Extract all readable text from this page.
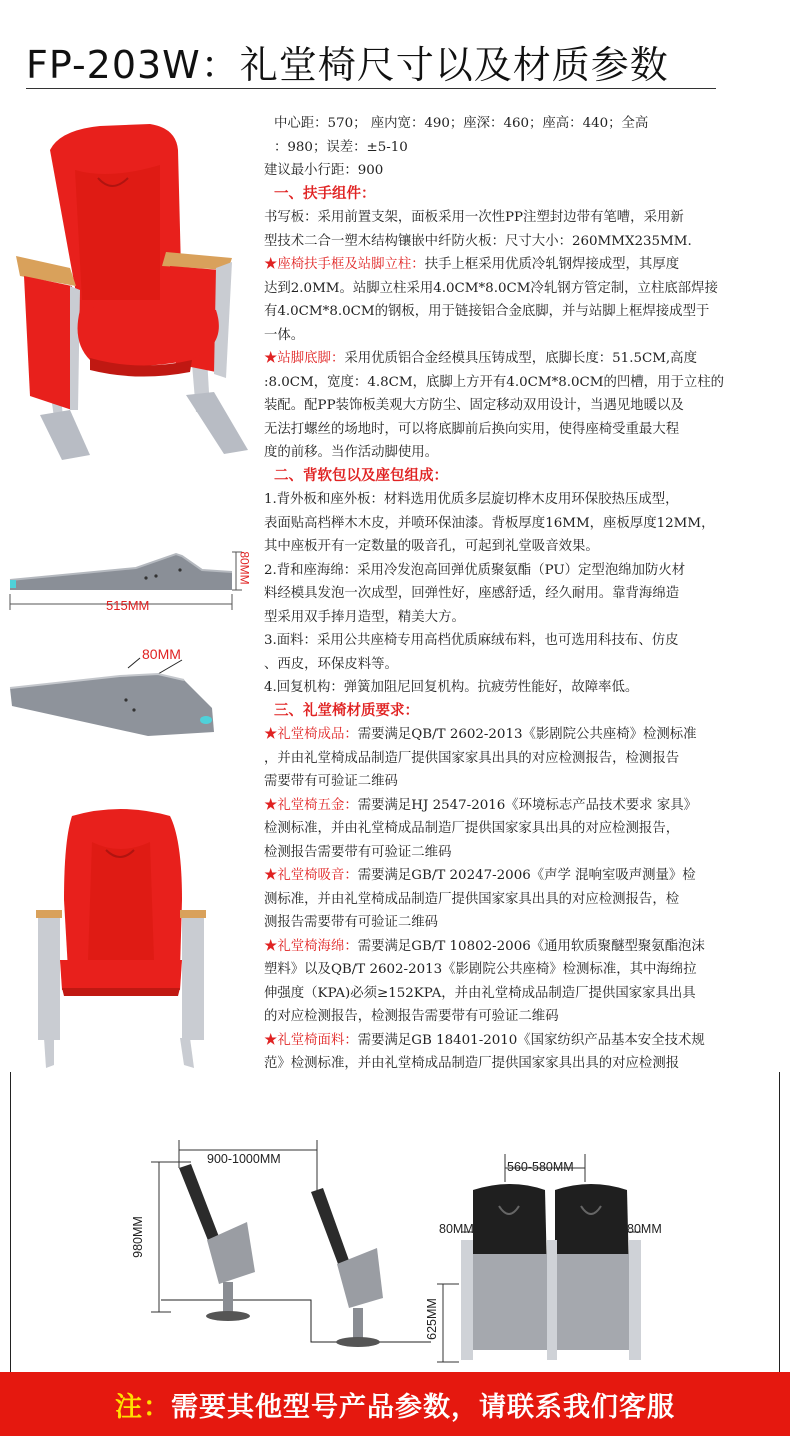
FP-203W：礼堂椅尺寸以及材质参数
80MM
515MM
80MM

中心距：570； 座内宽：490；座深：460；座高：440；全高

：980；误差：±5-10

建议最小行距：900

一、扶手组件：

书写板：采用前置支架，面板采用一次性PP注塑封边带有笔嘈，采用新

型技术二合一塑木结构镶嵌中纤防火板：尺寸大小：260MMX235MM.

★座椅扶手框及站脚立柱：扶手上框采用优质冷轧钢焊接成型，其厚度

达到2.0MM。站脚立柱采用4.0CM*8.0CM冷轧钢方管定制，立柱底部焊接

有4.0CM*8.0CM的钢板，用于链接铝合金底脚，并与站脚上框焊接成型于

一体。

★站脚底脚：采用优质铝合金经模具压铸成型，底脚长度：51.5CM,高度

:8.0CM，宽度：4.8CM，底脚上方开有4.0CM*8.0CM的凹槽，用于立柱的

装配。配PP装饰板美观大方防尘、固定移动双用设计，当遇见地暖以及

无法打螺丝的场地时，可以将底脚前后换向实用，使得座椅受重最大程

度的前移。当作活动脚使用。

二、背软包以及座包组成：

1.背外板和座外板：材料选用优质多层旋切桦木皮用环保胶热压成型，

表面贴高档榉木木皮，并喷环保油漆。背板厚度16MM，座板厚度12MM，

其中座板开有一定数量的吸音孔，可起到礼堂吸音效果。

2.背和座海绵：采用冷发泡高回弹优质聚氨酯（PU）定型泡绵加防火材

料经模具发泡一次成型，回弹性好，座感舒适，经久耐用。靠背海绵造

型采用双手捧月造型，精美大方。

3.面料：采用公共座椅专用高档优质麻绒布料，也可选用科技布、仿皮

、西皮，环保皮料等。

4.回复机构：弹簧加阻尼回复机构。抗疲劳性能好，故障率低。

三、礼堂椅材质要求：

★礼堂椅成品：需要满足QB/T 2602-2013《影剧院公共座椅》检测标准

，并由礼堂椅成品制造厂提供国家家具出具的对应检测报告，检测报告

需要带有可验证二维码

★礼堂椅五金：需要满足HJ 2547-2016《环境标志产品技术要求 家具》

检测标准，并由礼堂椅成品制造厂提供国家家具出具的对应检测报告，

检测报告需要带有可验证二维码

★礼堂椅吸音：需要满足GB/T 20247-2006《声学 混响室吸声测量》检

测标准，并由礼堂椅成品制造厂提供国家家具出具的对应检测报告，检

测报告需要带有可验证二维码

★礼堂椅海绵：需要满足GB/T 10802-2006《通用软质聚醚型聚氨酯泡沫

塑料》以及QB/T 2602-2013《影剧院公共座椅》检测标准，其中海绵拉

伸强度（KPA)必须≥152KPA，并由礼堂椅成品制造厂提供国家家具出具

的对应检测报告，检测报告需要带有可验证二维码

★礼堂椅面料：需要满足GB 18401-2010《国家纺织产品基本安全技术规

范》检测标准，并由礼堂椅成品制造厂提供国家家具出具的对应检测报

900-1000MM
980MM
560-580MM
80MM	80MM
625MM
注： 需要其他型号产品参数，请联系我们客服
